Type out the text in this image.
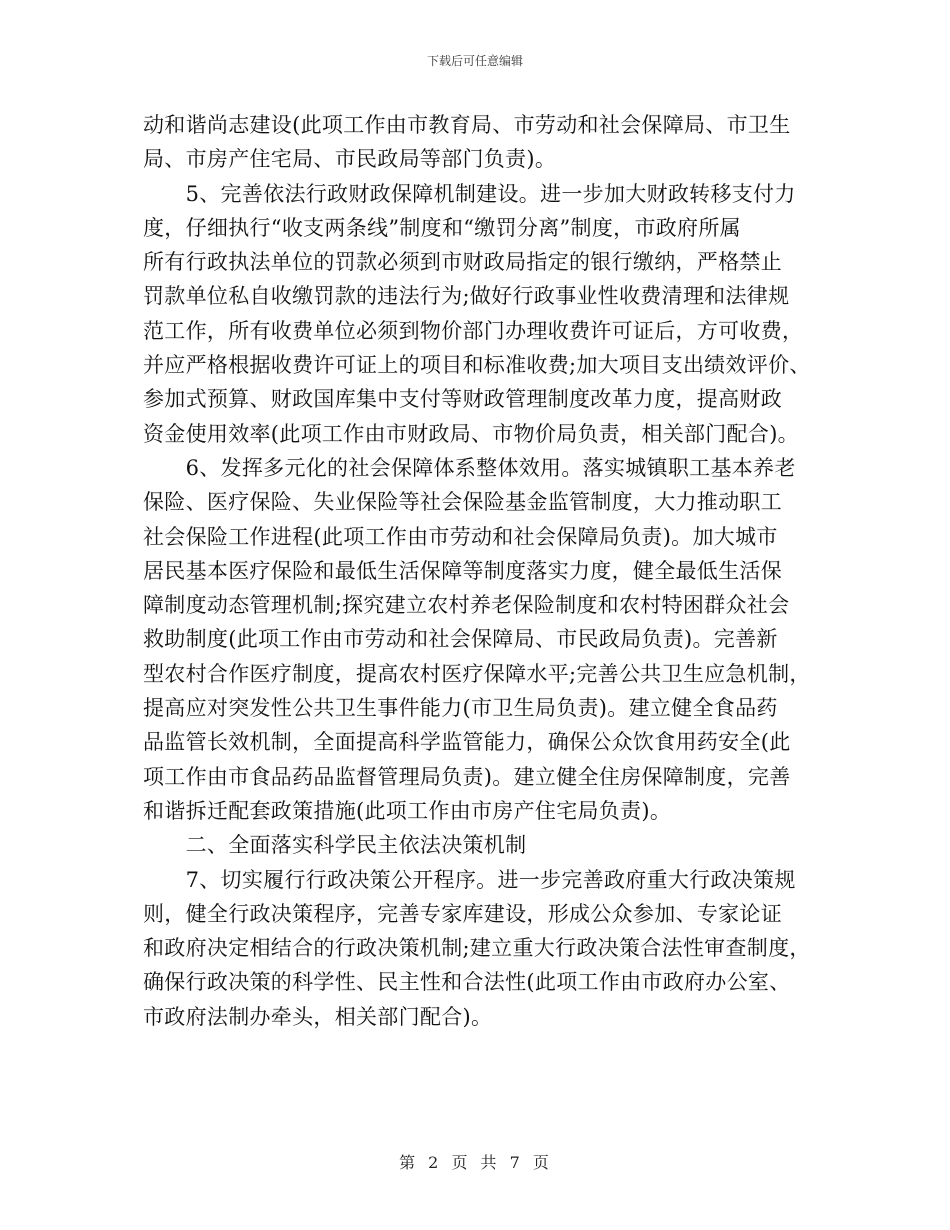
下载后可任意编辑
动和谐尚志建设(此项工作由市教育局、市劳动和社会保障局、市卫生
局、市房产住宅局、市民政局等部门负责)。
　　5、完善依法行政财政保障机制建设。进一步加大财政转移支付力
度，仔细执行“收支两条线”制度和“缴罚分离”制度，市政府所属
所有行政执法单位的罚款必须到市财政局指定的银行缴纳，严格禁止
罚款单位私自收缴罚款的违法行为;做好行政事业性收费清理和法律规
范工作，所有收费单位必须到物价部门办理收费许可证后，方可收费，
并应严格根据收费许可证上的项目和标准收费;加大项目支出绩效评价、
参加式预算、财政国库集中支付等财政管理制度改革力度，提高财政
资金使用效率(此项工作由市财政局、市物价局负责，相关部门配合)。
　　6、发挥多元化的社会保障体系整体效用。落实城镇职工基本养老
保险、医疗保险、失业保险等社会保险基金监管制度，大力推动职工
社会保险工作进程(此项工作由市劳动和社会保障局负责)。加大城市
居民基本医疗保险和最低生活保障等制度落实力度，健全最低生活保
障制度动态管理机制;探究建立农村养老保险制度和农村特困群众社会
救助制度(此项工作由市劳动和社会保障局、市民政局负责)。完善新
型农村合作医疗制度，提高农村医疗保障水平;完善公共卫生应急机制，
提高应对突发性公共卫生事件能力(市卫生局负责)。建立健全食品药
品监管长效机制，全面提高科学监管能力，确保公众饮食用药安全(此
项工作由市食品药品监督管理局负责)。建立健全住房保障制度，完善
和谐拆迁配套政策措施(此项工作由市房产住宅局负责)。
　　二、全面落实科学民主依法决策机制
　　7、切实履行行政决策公开程序。进一步完善政府重大行政决策规
则，健全行政决策程序，完善专家库建设，形成公众参加、专家论证
和政府决定相结合的行政决策机制;建立重大行政决策合法性审查制度，
确保行政决策的科学性、民主性和合法性(此项工作由市政府办公室、
市政府法制办牵头，相关部门配合)。
第 2 页 共 7 页
